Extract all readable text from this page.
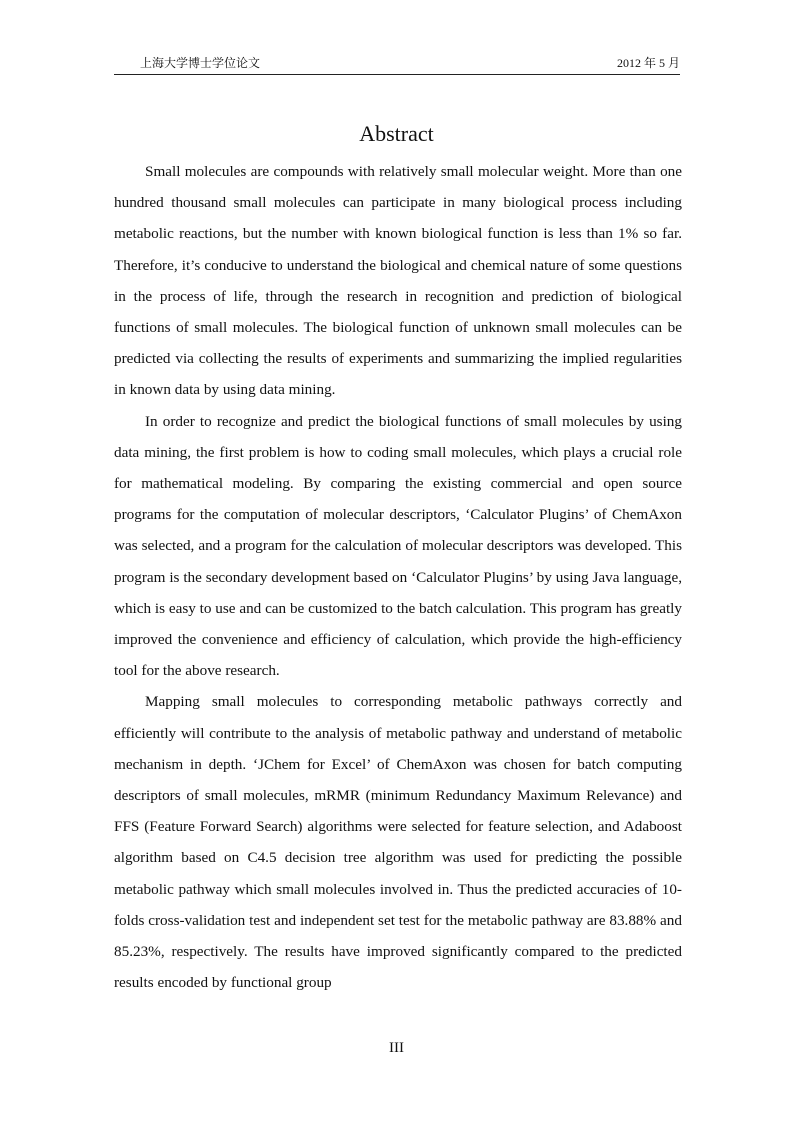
上海大学博士学位论文	2012 年 5 月
Abstract

Small molecules are compounds with relatively small molecular weight. More than one hundred thousand small molecules can participate in many biological process including metabolic reactions, but the number with known biological function is less than 1% so far. Therefore, it’s conducive to understand the biological and chemical nature of some questions in the process of life, through the research in recognition and prediction of biological functions of small molecules. The biological function of unknown small molecules can be predicted via collecting the results of experiments and summarizing the implied regularities in known data by using data mining.

In order to recognize and predict the biological functions of small molecules by using data mining, the first problem is how to coding small molecules, which plays a crucial role for mathematical modeling. By comparing the existing commercial and open source programs for the computation of molecular descriptors, ‘Calculator Plugins’ of ChemAxon was selected, and a program for the calculation of molecular descriptors was developed. This program is the secondary development based on ‘Calculator Plugins’ by using Java language, which is easy to use and can be customized to the batch calculation. This program has greatly improved the convenience and efficiency of calculation, which provide the high-efficiency tool for the above research.

Mapping small molecules to corresponding metabolic pathways correctly and efficiently will contribute to the analysis of metabolic pathway and understand of metabolic mechanism in depth. ‘JChem for Excel’ of ChemAxon was chosen for batch computing descriptors of small molecules, mRMR (minimum Redundancy Maximum Relevance) and FFS (Feature Forward Search) algorithms were selected for feature selection, and Adaboost algorithm based on C4.5 decision tree algorithm was used for predicting the possible metabolic pathway which small molecules involved in. Thus the predicted accuracies of 10-folds cross-validation test and independent set test for the metabolic pathway are 83.88% and 85.23%, respectively. The results have improved significantly compared to the predicted results encoded by functional group

III
